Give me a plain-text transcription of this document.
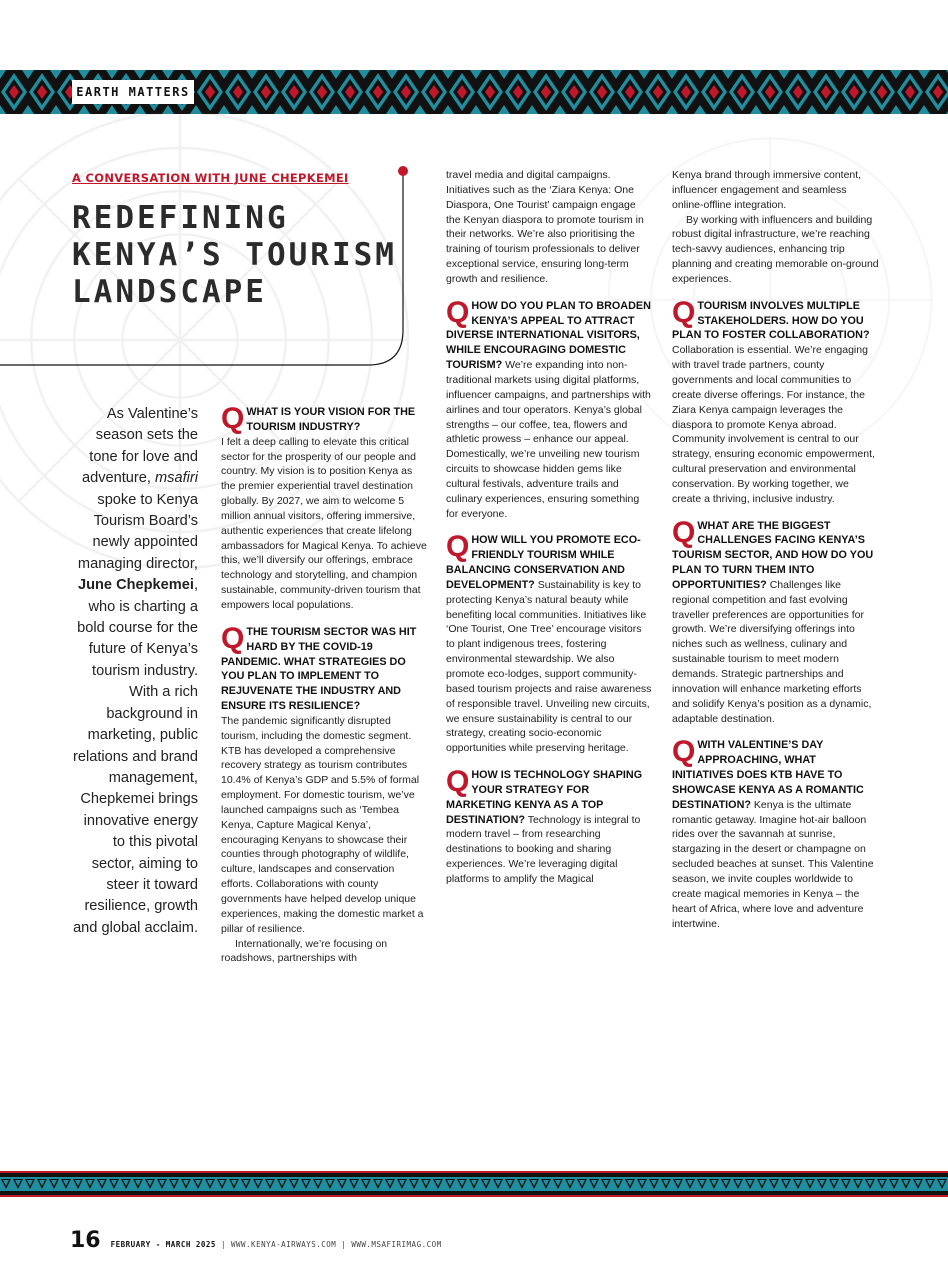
EARTH MATTERS
A CONVERSATION WITH JUNE CHEPKEMEI
REDEFINING
KENYA’S TOURISM
LANDSCAPE
As Valentine’s season sets the tone for love and adventure, msafiri spoke to Kenya Tourism Board’s newly appointed managing director, June Chepkemei, who is charting a bold course for the future of Kenya’s tourism industry. With a rich background in marketing, public relations and brand management, Chepkemei brings innovative energy to this pivotal sector, aiming to steer it toward resilience, growth and global acclaim.
Q WHAT IS YOUR VISION FOR THE TOURISM INDUSTRY?

I felt a deep calling to elevate this critical sector for the prosperity of our people and country. My vision is to position Kenya as the premier experiential travel destination globally. By 2027, we aim to welcome 5 million annual visitors, offering immersive, authentic experiences that create lifelong ambassadors for Magical Kenya. To achieve this, we’ll diversify our offerings, embrace technology and storytelling, and champion sustainable, community-driven tourism that empowers local populations.

Q THE TOURISM SECTOR WAS HIT HARD BY THE COVID-19 PANDEMIC. WHAT STRATEGIES DO YOU PLAN TO IMPLEMENT TO REJUVENATE THE INDUSTRY AND ENSURE ITS RESILIENCE?

The pandemic significantly disrupted tourism, including the domestic segment. KTB has developed a comprehensive recovery strategy as tourism contributes 10.4% of Kenya’s GDP and 5.5% of formal employment. For domestic tourism, we’ve launched campaigns such as ‘Tembea Kenya, Capture Magical Kenya’, encouraging Kenyans to showcase their counties through photography of wildlife, culture, landscapes and conservation efforts. Collaborations with county governments have helped develop unique experiences, making the domestic market a pillar of resilience.

Internationally, we’re focusing on roadshows, partnerships with

travel media and digital campaigns. Initiatives such as the ‘Ziara Kenya: One Diaspora, One Tourist’ campaign engage the Kenyan diaspora to promote tourism in their networks. We’re also prioritising the training of tourism professionals to deliver exceptional service, ensuring long-term growth and resilience.

Q HOW DO YOU PLAN TO BROADEN KENYA’S APPEAL TO ATTRACT DIVERSE INTERNATIONAL VISITORS, WHILE ENCOURAGING DOMESTIC TOURISM? We’re expanding into non-traditional markets using digital platforms, influencer campaigns, and partnerships with airlines and tour operators. Kenya’s global strengths – our coffee, tea, flowers and athletic prowess – enhance our appeal. Domestically, we’re unveiling new tourism circuits to showcase hidden gems like cultural festivals, adventure trails and culinary experiences, ensuring something for everyone.
Q HOW WILL YOU PROMOTE ECO-FRIENDLY TOURISM WHILE BALANCING CONSERVATION AND DEVELOPMENT? Sustainability is key to protecting Kenya’s natural beauty while benefiting local communities. Initiatives like ‘One Tourist, One Tree’ encourage visitors to plant indigenous trees, fostering environmental stewardship. We also promote eco-lodges, support community-based tourism projects and raise awareness of responsible travel. Unveiling new circuits, we ensure sustainability is central to our strategy, creating socio-economic opportunities while preserving heritage.
Q HOW IS TECHNOLOGY SHAPING YOUR STRATEGY FOR MARKETING KENYA AS A TOP DESTINATION? Technology is integral to modern travel – from researching destinations to booking and sharing experiences. We’re leveraging digital platforms to amplify the Magical

Kenya brand through immersive content, influencer engagement and seamless online-offline integration.

By working with influencers and building robust digital infrastructure, we’re reaching tech-savvy audiences, enhancing trip planning and creating memorable on-ground experiences.

Q TOURISM INVOLVES MULTIPLE STAKEHOLDERS. HOW DO YOU PLAN TO FOSTER COLLABORATION? Collaboration is essential. We’re engaging with travel trade partners, county governments and local communities to create diverse offerings. For instance, the Ziara Kenya campaign leverages the diaspora to promote Kenya abroad. Community involvement is central to our strategy, ensuring economic empowerment, cultural preservation and environmental conservation. By working together, we create a thriving, inclusive industry.
Q WHAT ARE THE BIGGEST CHALLENGES FACING KENYA’S TOURISM SECTOR, AND HOW DO YOU PLAN TO TURN THEM INTO OPPORTUNITIES? Challenges like regional competition and fast evolving traveller preferences are opportunities for growth. We’re diversifying offerings into niches such as wellness, culinary and sustainable tourism to meet modern demands. Strategic partnerships and innovation will enhance marketing efforts and solidify Kenya’s position as a dynamic, adaptable destination.
Q WITH VALENTINE’S DAY APPROACHING, WHAT INITIATIVES DOES KTB HAVE TO SHOWCASE KENYA AS A ROMANTIC DESTINATION? Kenya is the ultimate romantic getaway. Imagine hot-air balloon rides over the savannah at sunrise, stargazing in the desert or champagne on secluded beaches at sunset. This Valentine season, we invite couples worldwide to create magical memories in Kenya – the heart of Africa, where love and adventure intertwine.
16 FEBRUARY - MARCH 2025 | WWW.KENYA-AIRWAYS.COM | WWW.MSAFIRIMAG.COM
